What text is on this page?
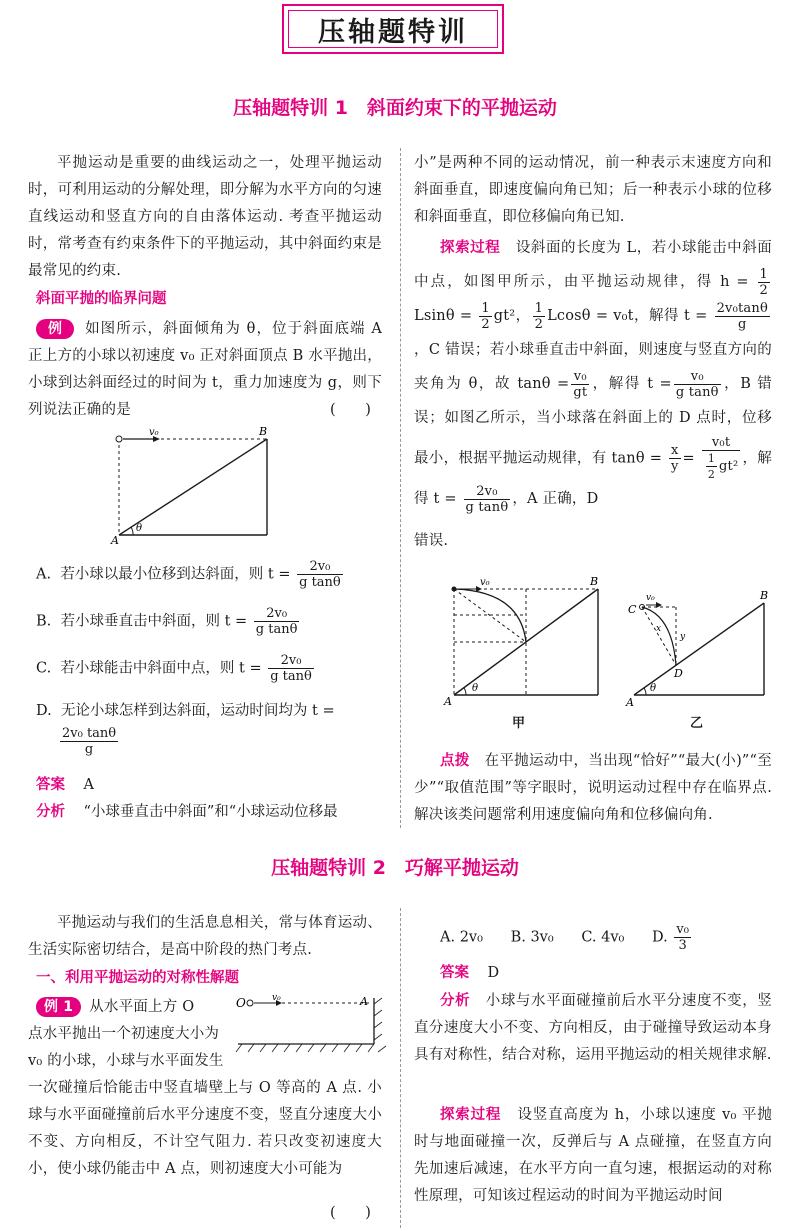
压轴题特训
压轴题特训 1　斜面约束下的平抛运动
平抛运动是重要的曲线运动之一，处理平抛运动时，可利用运动的分解处理，即分解为水平方向的匀速直线运动和竖直方向的自由落体运动. 考查平抛运动时，常考查有约束条件下的平抛运动，其中斜面约束是最常见的约束.
斜面平抛的临界问题
例 如图所示，斜面倾角为 θ，位于斜面底端 A 正上方的小球以初速度 v₀ 正对斜面顶点 B 水平抛出，小球到达斜面经过的时间为 t，重力加速度为 g，则下列说法正确的是	(　　)
v₀	B
A
θ
A. 若小球以最小位移到达斜面，则 $t = \frac{\text{2v₀}}{\text{g tanθ}}$
B. 若小球垂直击中斜面，则 $t = \frac{\text{2v₀}}{\text{g tanθ}}$
C. 若小球能击中斜面中点，则 $t = \frac{\text{2v₀}}{\text{g tanθ}}$
D. 无论小球怎样到达斜面，运动时间均为 t =
$\frac{\text{2v₀ tanθ}}{g}$
答案 A
分析 “小球垂直击中斜面”和“小球运动位移最
小”是两种不同的运动情况，前一种表示末速度方向和斜面垂直，即速度偏向角已知；后一种表示小球的位移和斜面垂直，即位移偏向角已知.
探索过程 设斜面的长度为 L，若小球能击中斜面中点，如图甲所示，由平抛运动规律，得 $h = \frac{1}{2}$
$Lsin\theta = \frac{1}{2} gt^2$， $\frac{1}{2}$ Lcosθ = v₀t，解得 $t = \frac{\text{2v₀tanθ}}{g}$
，C 错误；若小球垂直击中斜面，则速度与竖直方向的夹角为 θ，故 $\tan\theta = \frac{\text{v₀}}{gt}$ ，解得 $t = \frac{\text{v₀}}{\text{g tanθ}}$ ，B 错误；如图乙所示，当小球落在斜面上的 D 点时，位移最小，根据平抛运动规律，有 $\tan\theta = \frac{x}{y} = \frac{\text{v₀t}}{\frac{1}{2} gt^2}$ ，解得 $t = \frac{\text{2v₀}}{\text{g tanθ}}$ ，A 正确，D
错误.
v₀	B
A
θ
甲
C
v₀
x
y
D
B
A
θ
乙
点拨 在平抛运动中，当出现“恰好”“最大(小)”“至少”“取值范围”等字眼时，说明运动过程中存在临界点. 解决该类问题常利用速度偏向角和位移偏向角.
压轴题特训 2　巧解平抛运动
平抛运动与我们的生活息息相关，常与体育运动、生活实际密切结合，是高中阶段的热门考点.
一、利用平抛运动的对称性解题
例 1 从水平面上方 O
点水平抛出一个初速度大小为
v₀ 的小球，小球与水平面发生
O	v₀	A
一次碰撞后恰能击中竖直墙壁上与 O 等高的 A 点. 小球与水平面碰撞前后水平分速度不变，竖直分速度大小不变、方向相反，不计空气阻力. 若只改变初速度大小，使小球仍能击中 A 点，则初速度大小可能为
(　　)
A. 2v₀ B. 3v₀ C. 4v₀ D. $\frac{\text{v₀}}{3}$
答案 D
分析 小球与水平面碰撞前后水平分速度不变，竖直分速度大小不变、方向相反，由于碰撞导致运动本身具有对称性，结合对称，运用平抛运动的相关规律求解.
探索过程 设竖直高度为 h，小球以速度 v₀ 平抛时与地面碰撞一次，反弹后与 A 点碰撞，在竖直方向先加速后减速，在水平方向一直匀速，根据运动的对称性原理，可知该过程运动的时间为平抛运动时间
